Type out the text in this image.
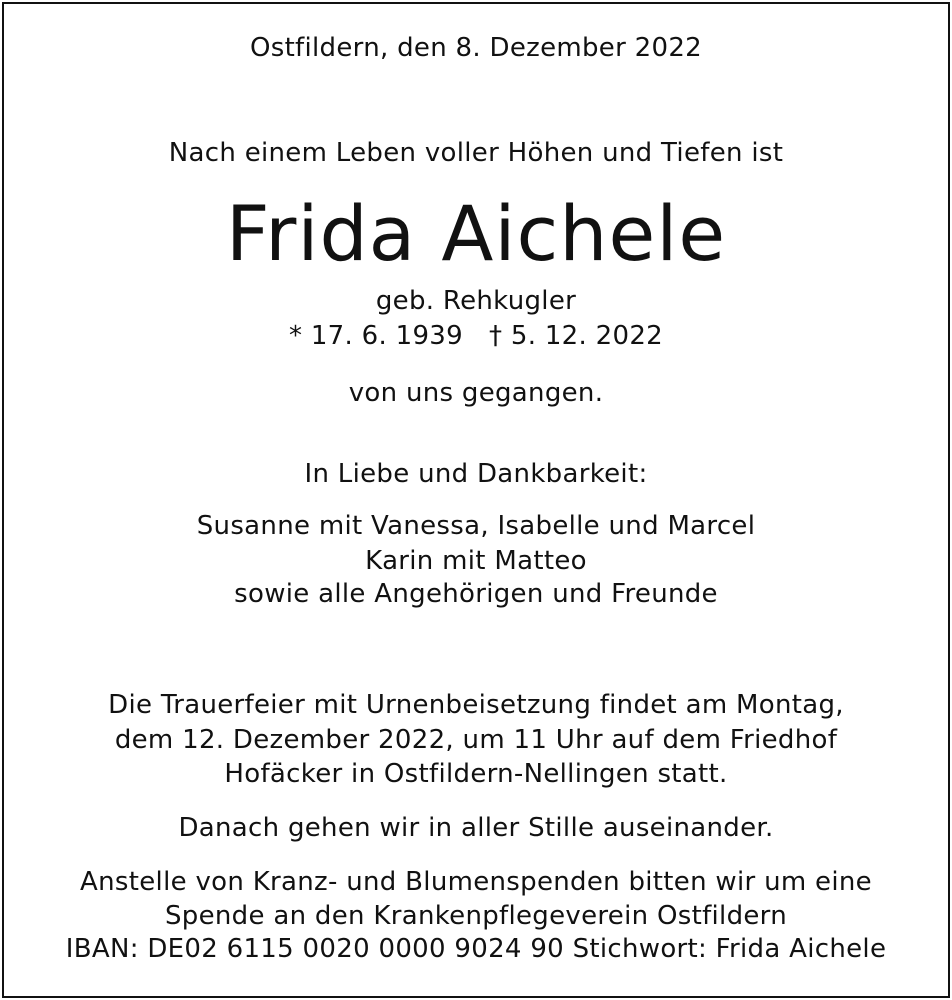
Ostfildern, den 8. Dezember 2022
Nach einem Leben voller Höhen und Tiefen ist
Frida Aichele
geb. Rehkugler
* 17. 6. 1939 † 5. 12. 2022
von uns gegangen.
In Liebe und Dankbarkeit:
Susanne mit Vanessa, Isabelle und Marcel
Karin mit Matteo
sowie alle Angehörigen und Freunde
Die Trauerfeier mit Urnenbeisetzung findet am Montag,
dem 12. Dezember 2022, um 11 Uhr auf dem Friedhof
Hofäcker in Ostfildern-Nellingen statt.
Danach gehen wir in aller Stille auseinander.
Anstelle von Kranz- und Blumenspenden bitten wir um eine
Spende an den Krankenpflegeverein Ostfildern
IBAN: DE02 6115 0020 0000 9024 90 Stichwort: Frida Aichele
